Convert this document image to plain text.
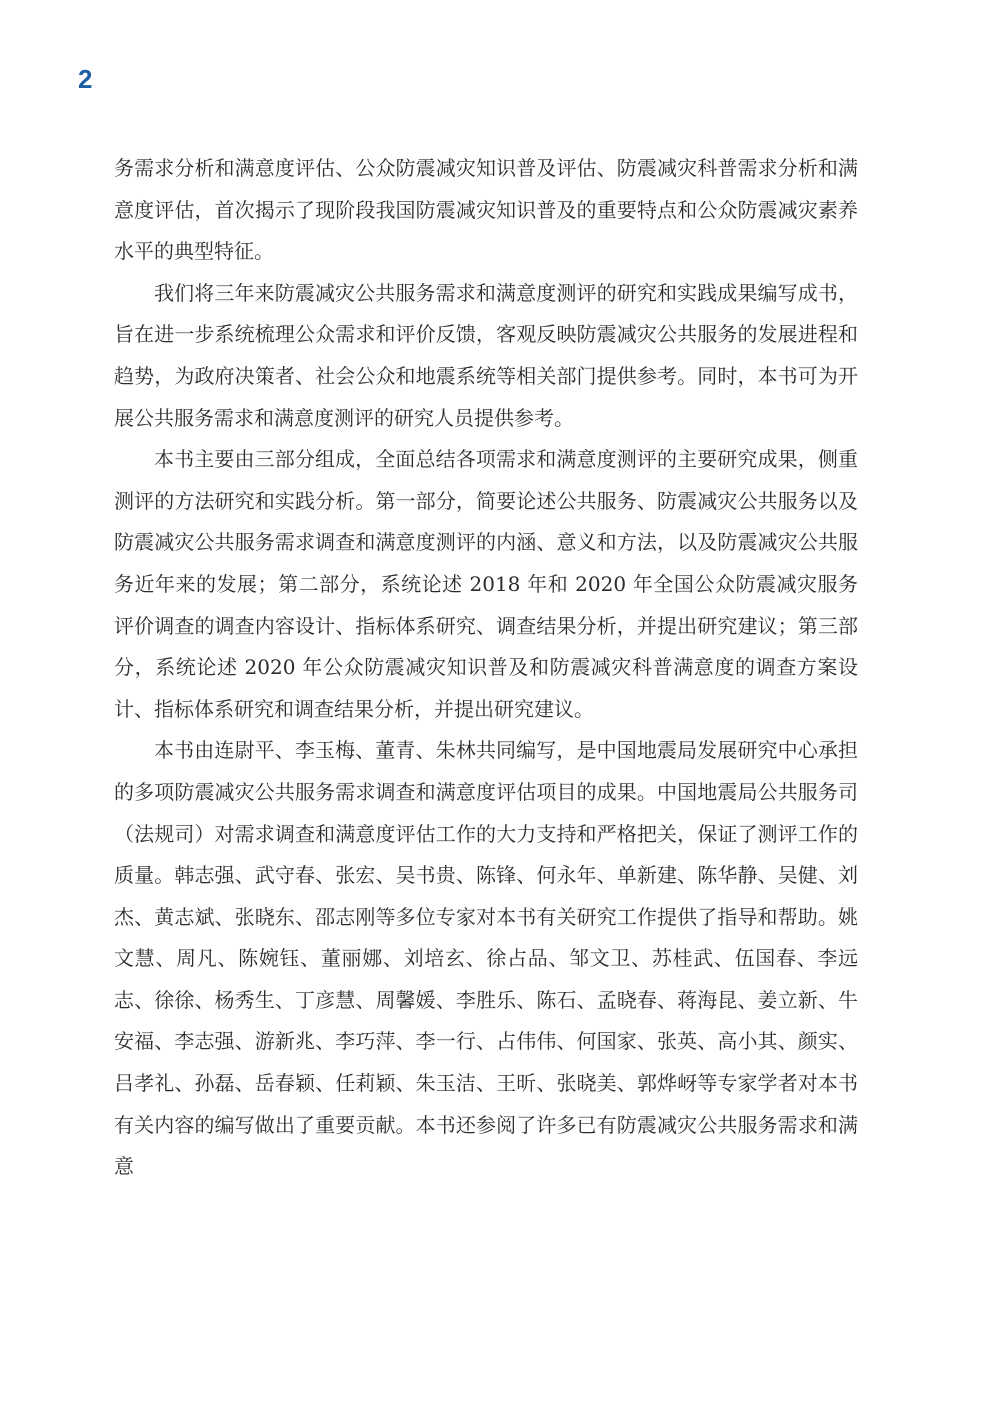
2

务需求分析和满意度评估、公众防震减灾知识普及评估、防震减灾科普需求分析和满意度评估，首次揭示了现阶段我国防震减灾知识普及的重要特点和公众防震减灾素养水平的典型特征。

我们将三年来防震减灾公共服务需求和满意度测评的研究和实践成果编写成书，旨在进一步系统梳理公众需求和评价反馈，客观反映防震减灾公共服务的发展进程和趋势，为政府决策者、社会公众和地震系统等相关部门提供参考。同时，本书可为开展公共服务需求和满意度测评的研究人员提供参考。

本书主要由三部分组成，全面总结各项需求和满意度测评的主要研究成果，侧重测评的方法研究和实践分析。第一部分，简要论述公共服务、防震减灾公共服务以及防震减灾公共服务需求调查和满意度测评的内涵、意义和方法，以及防震减灾公共服务近年来的发展；第二部分，系统论述 2018 年和 2020 年全国公众防震减灾服务评价调查的调查内容设计、指标体系研究、调查结果分析，并提出研究建议；第三部分，系统论述 2020 年公众防震减灾知识普及和防震减灾科普满意度的调查方案设计、指标体系研究和调查结果分析，并提出研究建议。

本书由连尉平、李玉梅、董青、朱林共同编写，是中国地震局发展研究中心承担的多项防震减灾公共服务需求调查和满意度评估项目的成果。中国地震局公共服务司（法规司）对需求调查和满意度评估工作的大力支持和严格把关，保证了测评工作的质量。韩志强、武守春、张宏、吴书贵、陈锋、何永年、单新建、陈华静、吴健、刘杰、黄志斌、张晓东、邵志刚等多位专家对本书有关研究工作提供了指导和帮助。姚文慧、周凡、陈婉钰、董丽娜、刘培玄、徐占品、邹文卫、苏桂武、伍国春、李远志、徐徐、杨秀生、丁彦慧、周馨媛、李胜乐、陈石、孟晓春、蒋海昆、姜立新、牛安福、李志强、游新兆、李巧萍、李一行、占伟伟、何国家、张英、高小其、颜实、吕孝礼、孙磊、岳春颖、任莉颖、朱玉洁、王昕、张晓美、郭烨岈等专家学者对本书有关内容的编写做出了重要贡献。本书还参阅了许多已有防震减灾公共服务需求和满意
